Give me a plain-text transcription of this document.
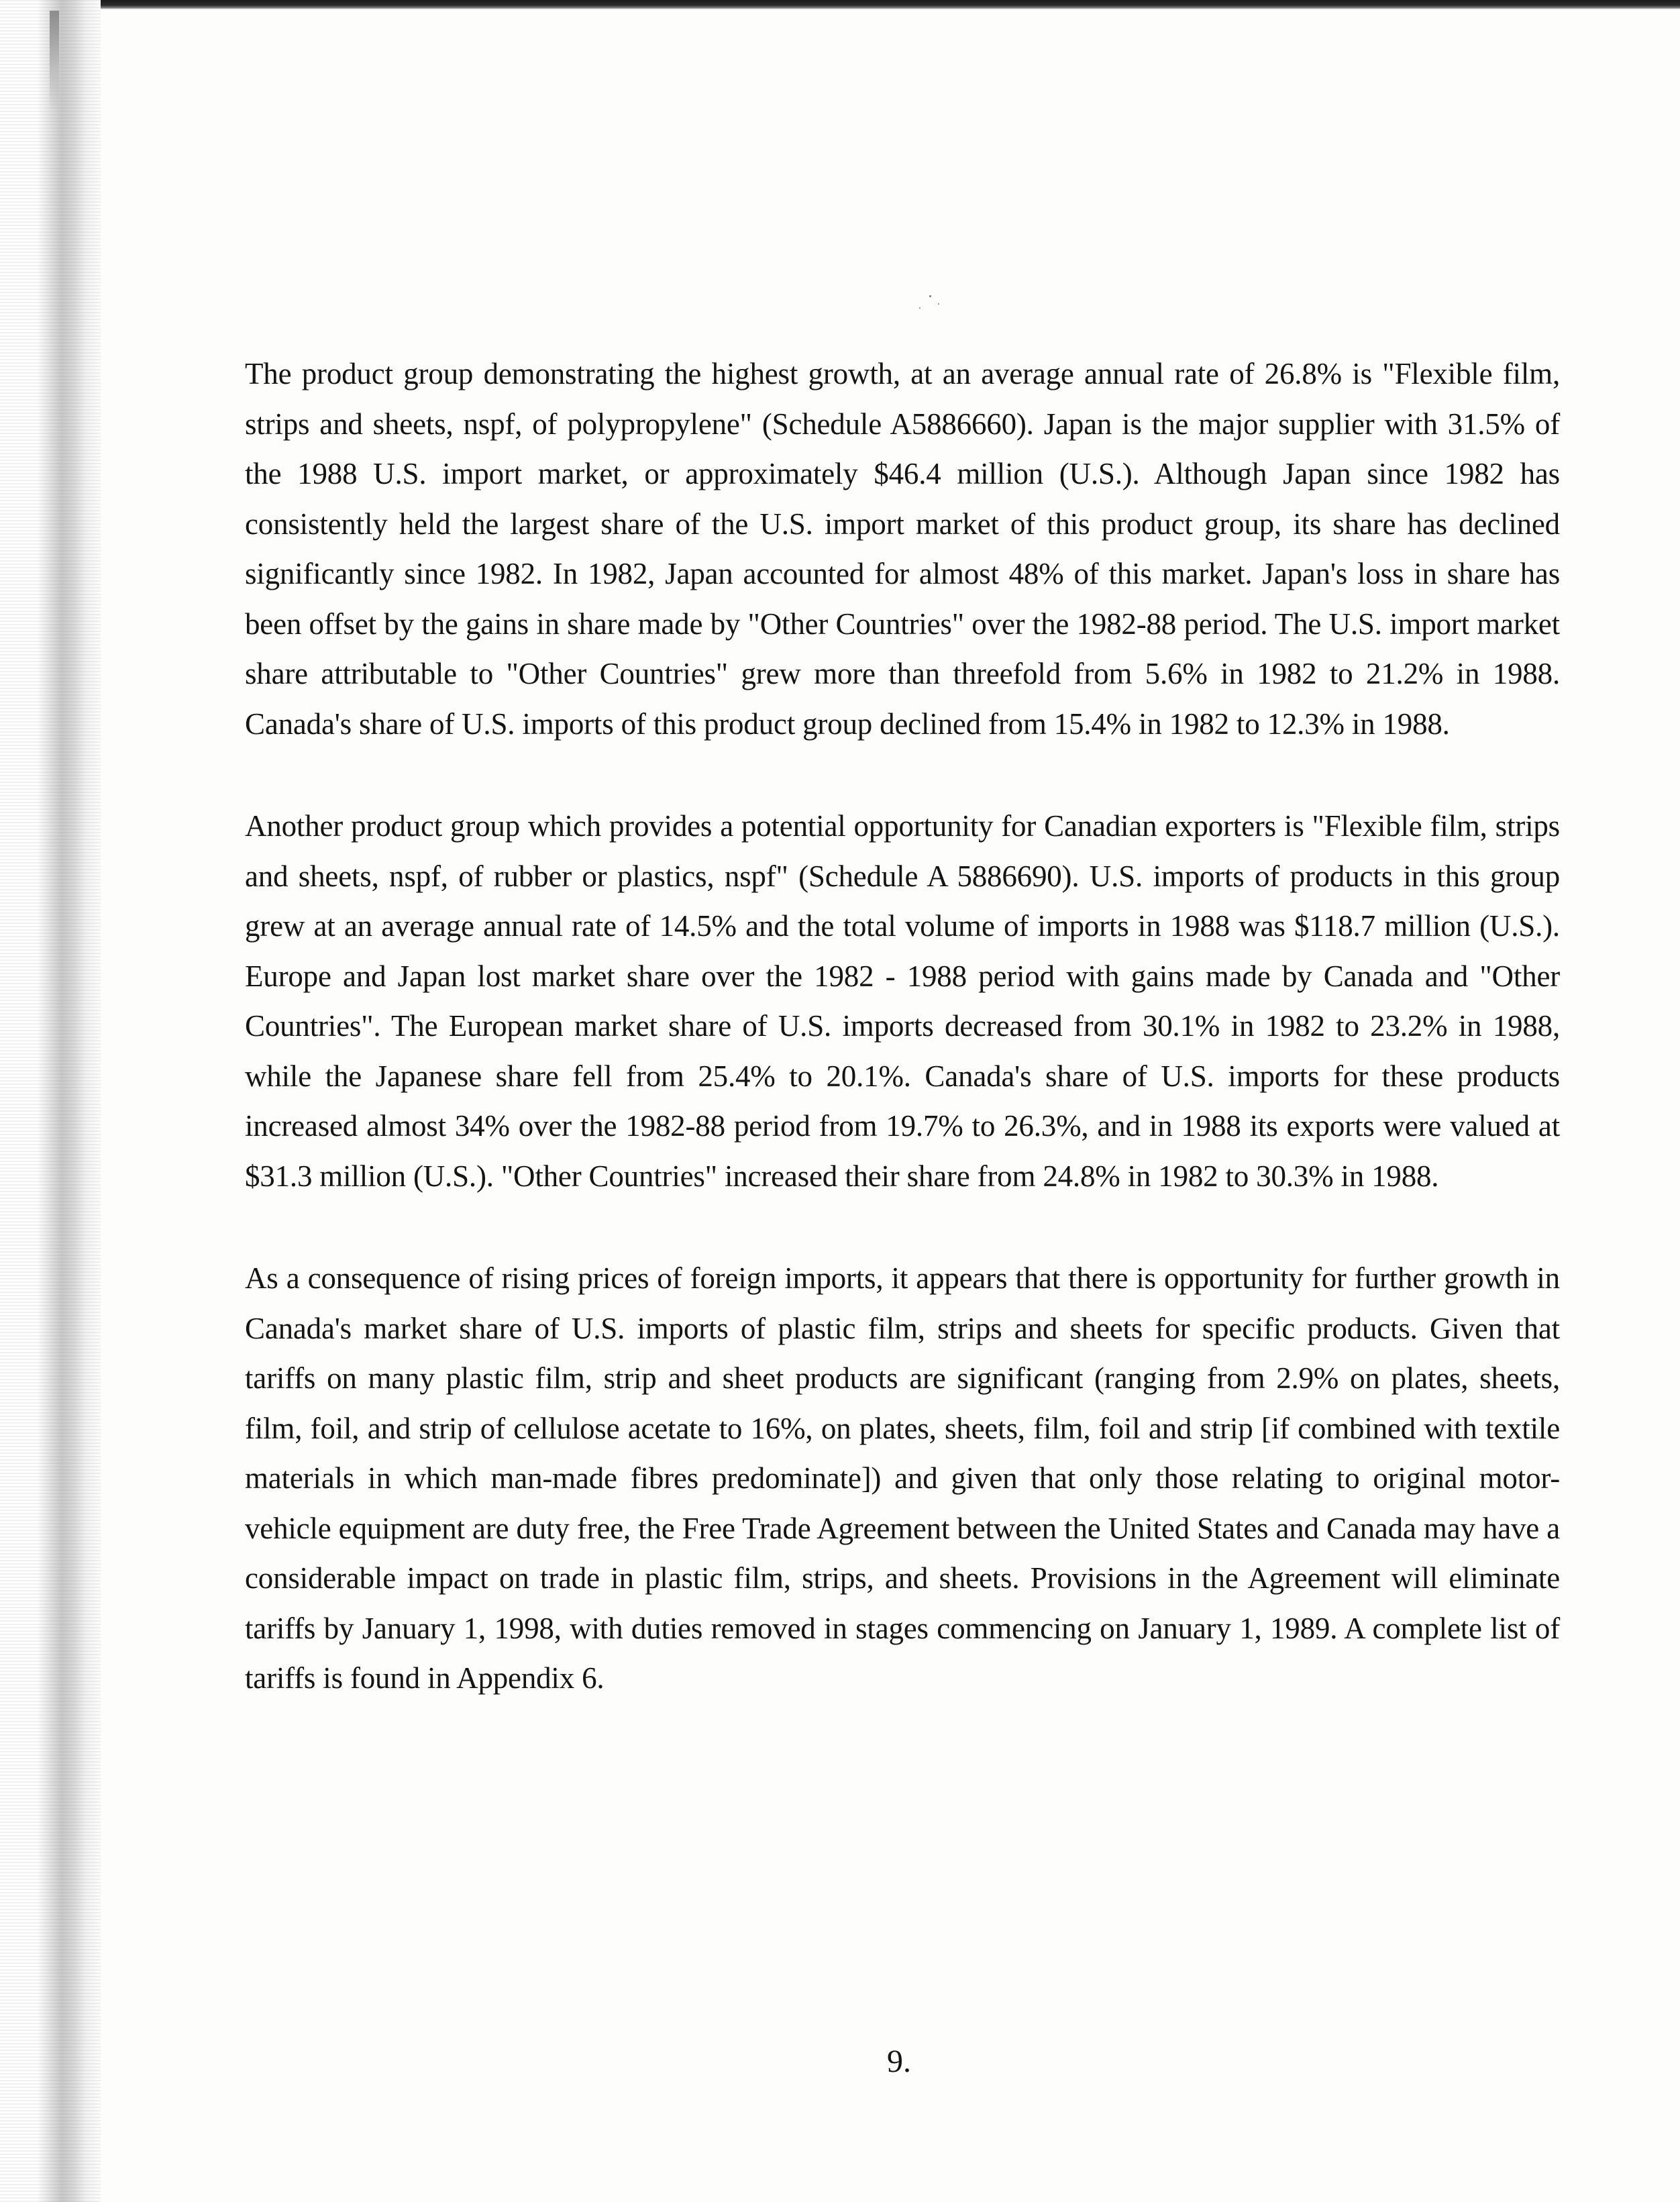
The product group demonstrating the highest growth, at an average annual rate of 26.8% is "Flexible film, strips and sheets, nspf, of polypropylene" (Schedule A5886660). Japan is the major supplier with 31.5% of the 1988 U.S. import market, or approximately $46.4 million (U.S.). Although Japan since 1982 has consistently held the largest share of the U.S. import market of this product group, its share has declined significantly since 1982. In 1982, Japan accounted for almost 48% of this market. Japan's loss in share has been offset by the gains in share made by "Other Countries" over the 1982-88 period. The U.S. import market share attributable to "Other Countries" grew more than threefold from 5.6% in 1982 to 21.2% in 1988. Canada's share of U.S. imports of this product group declined from 15.4% in 1982 to 12.3% in 1988.

Another product group which provides a potential opportunity for Canadian exporters is "Flexible film, strips and sheets, nspf, of rubber or plastics, nspf" (Schedule A 5886690). U.S. imports of products in this group grew at an average annual rate of 14.5% and the total volume of imports in 1988 was $118.7 million (U.S.). Europe and Japan lost market share over the 1982 - 1988 period with gains made by Canada and "Other Countries". The European market share of U.S. imports decreased from 30.1% in 1982 to 23.2% in 1988, while the Japanese share fell from 25.4% to 20.1%. Canada's share of U.S. imports for these products increased almost 34% over the 1982-88 period from 19.7% to 26.3%, and in 1988 its exports were valued at $31.3 million (U.S.). "Other Countries" increased their share from 24.8% in 1982 to 30.3% in 1988.

As a consequence of rising prices of foreign imports, it appears that there is opportunity for further growth in Canada's market share of U.S. imports of plastic film, strips and sheets for specific products. Given that tariffs on many plastic film, strip and sheet products are significant (ranging from 2.9% on plates, sheets, film, foil, and strip of cellulose acetate to 16%, on plates, sheets, film, foil and strip [if combined with textile materials in which man-made fibres predominate]) and given that only those relating to original motor-vehicle equipment are duty free, the Free Trade Agreement between the United States and Canada may have a considerable impact on trade in plastic film, strips, and sheets. Provisions in the Agreement will eliminate tariffs by January 1, 1998, with duties removed in stages commencing on January 1, 1989. A complete list of tariffs is found in Appendix 6.

9.
